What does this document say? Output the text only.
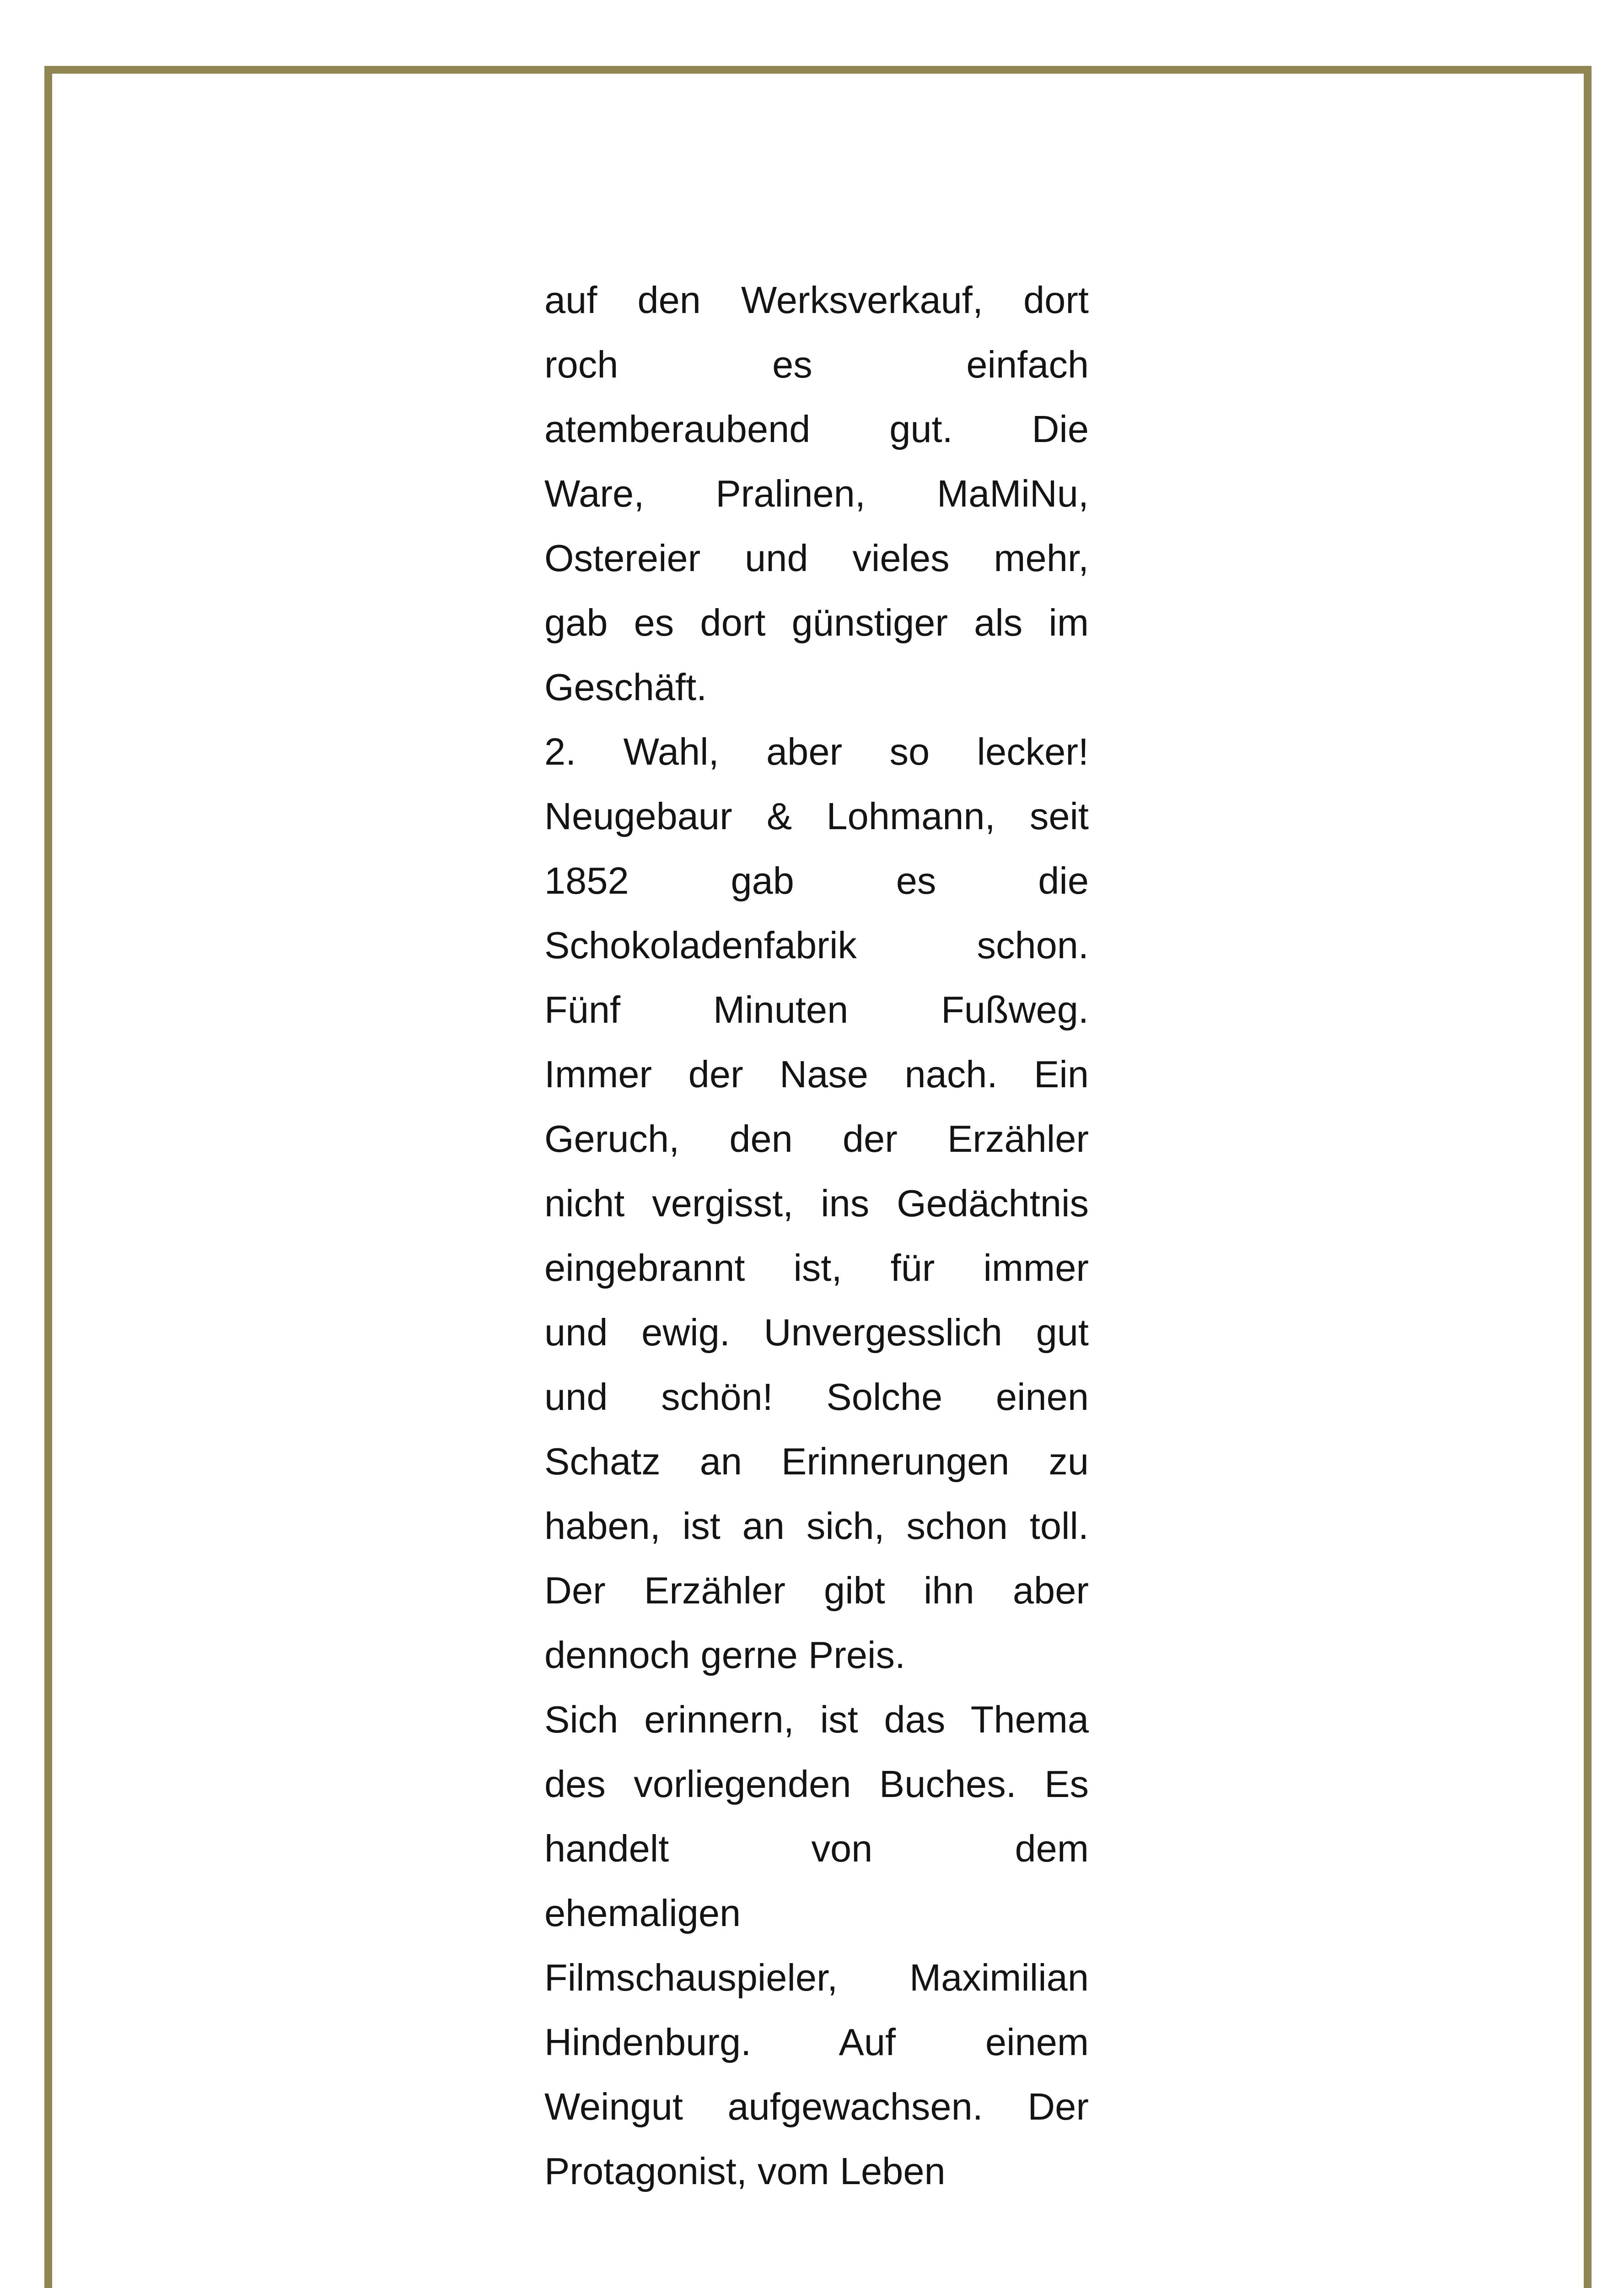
auf den Werksverkauf, dort
roch es einfach
atemberaubend gut. Die
Ware, Pralinen, MaMiNu,
Ostereier und vieles mehr,
gab es dort günstiger als im
Geschäft.
2. Wahl, aber so lecker!
Neugebaur & Lohmann, seit
1852 gab es die
Schokoladenfabrik schon.
Fünf Minuten Fußweg.
Immer der Nase nach. Ein
Geruch, den der Erzähler
nicht vergisst, ins Gedächtnis
eingebrannt ist, für immer
und ewig. Unvergesslich gut
und schön! Solche einen
Schatz an Erinnerungen zu
haben, ist an sich, schon toll.
Der Erzähler gibt ihn aber
dennoch gerne Preis.
Sich erinnern, ist das Thema
des vorliegenden Buches. Es
handelt von dem
ehemaligen
Filmschauspieler, Maximilian
Hindenburg. Auf einem
Weingut aufgewachsen. Der
Protagonist, vom Leben
